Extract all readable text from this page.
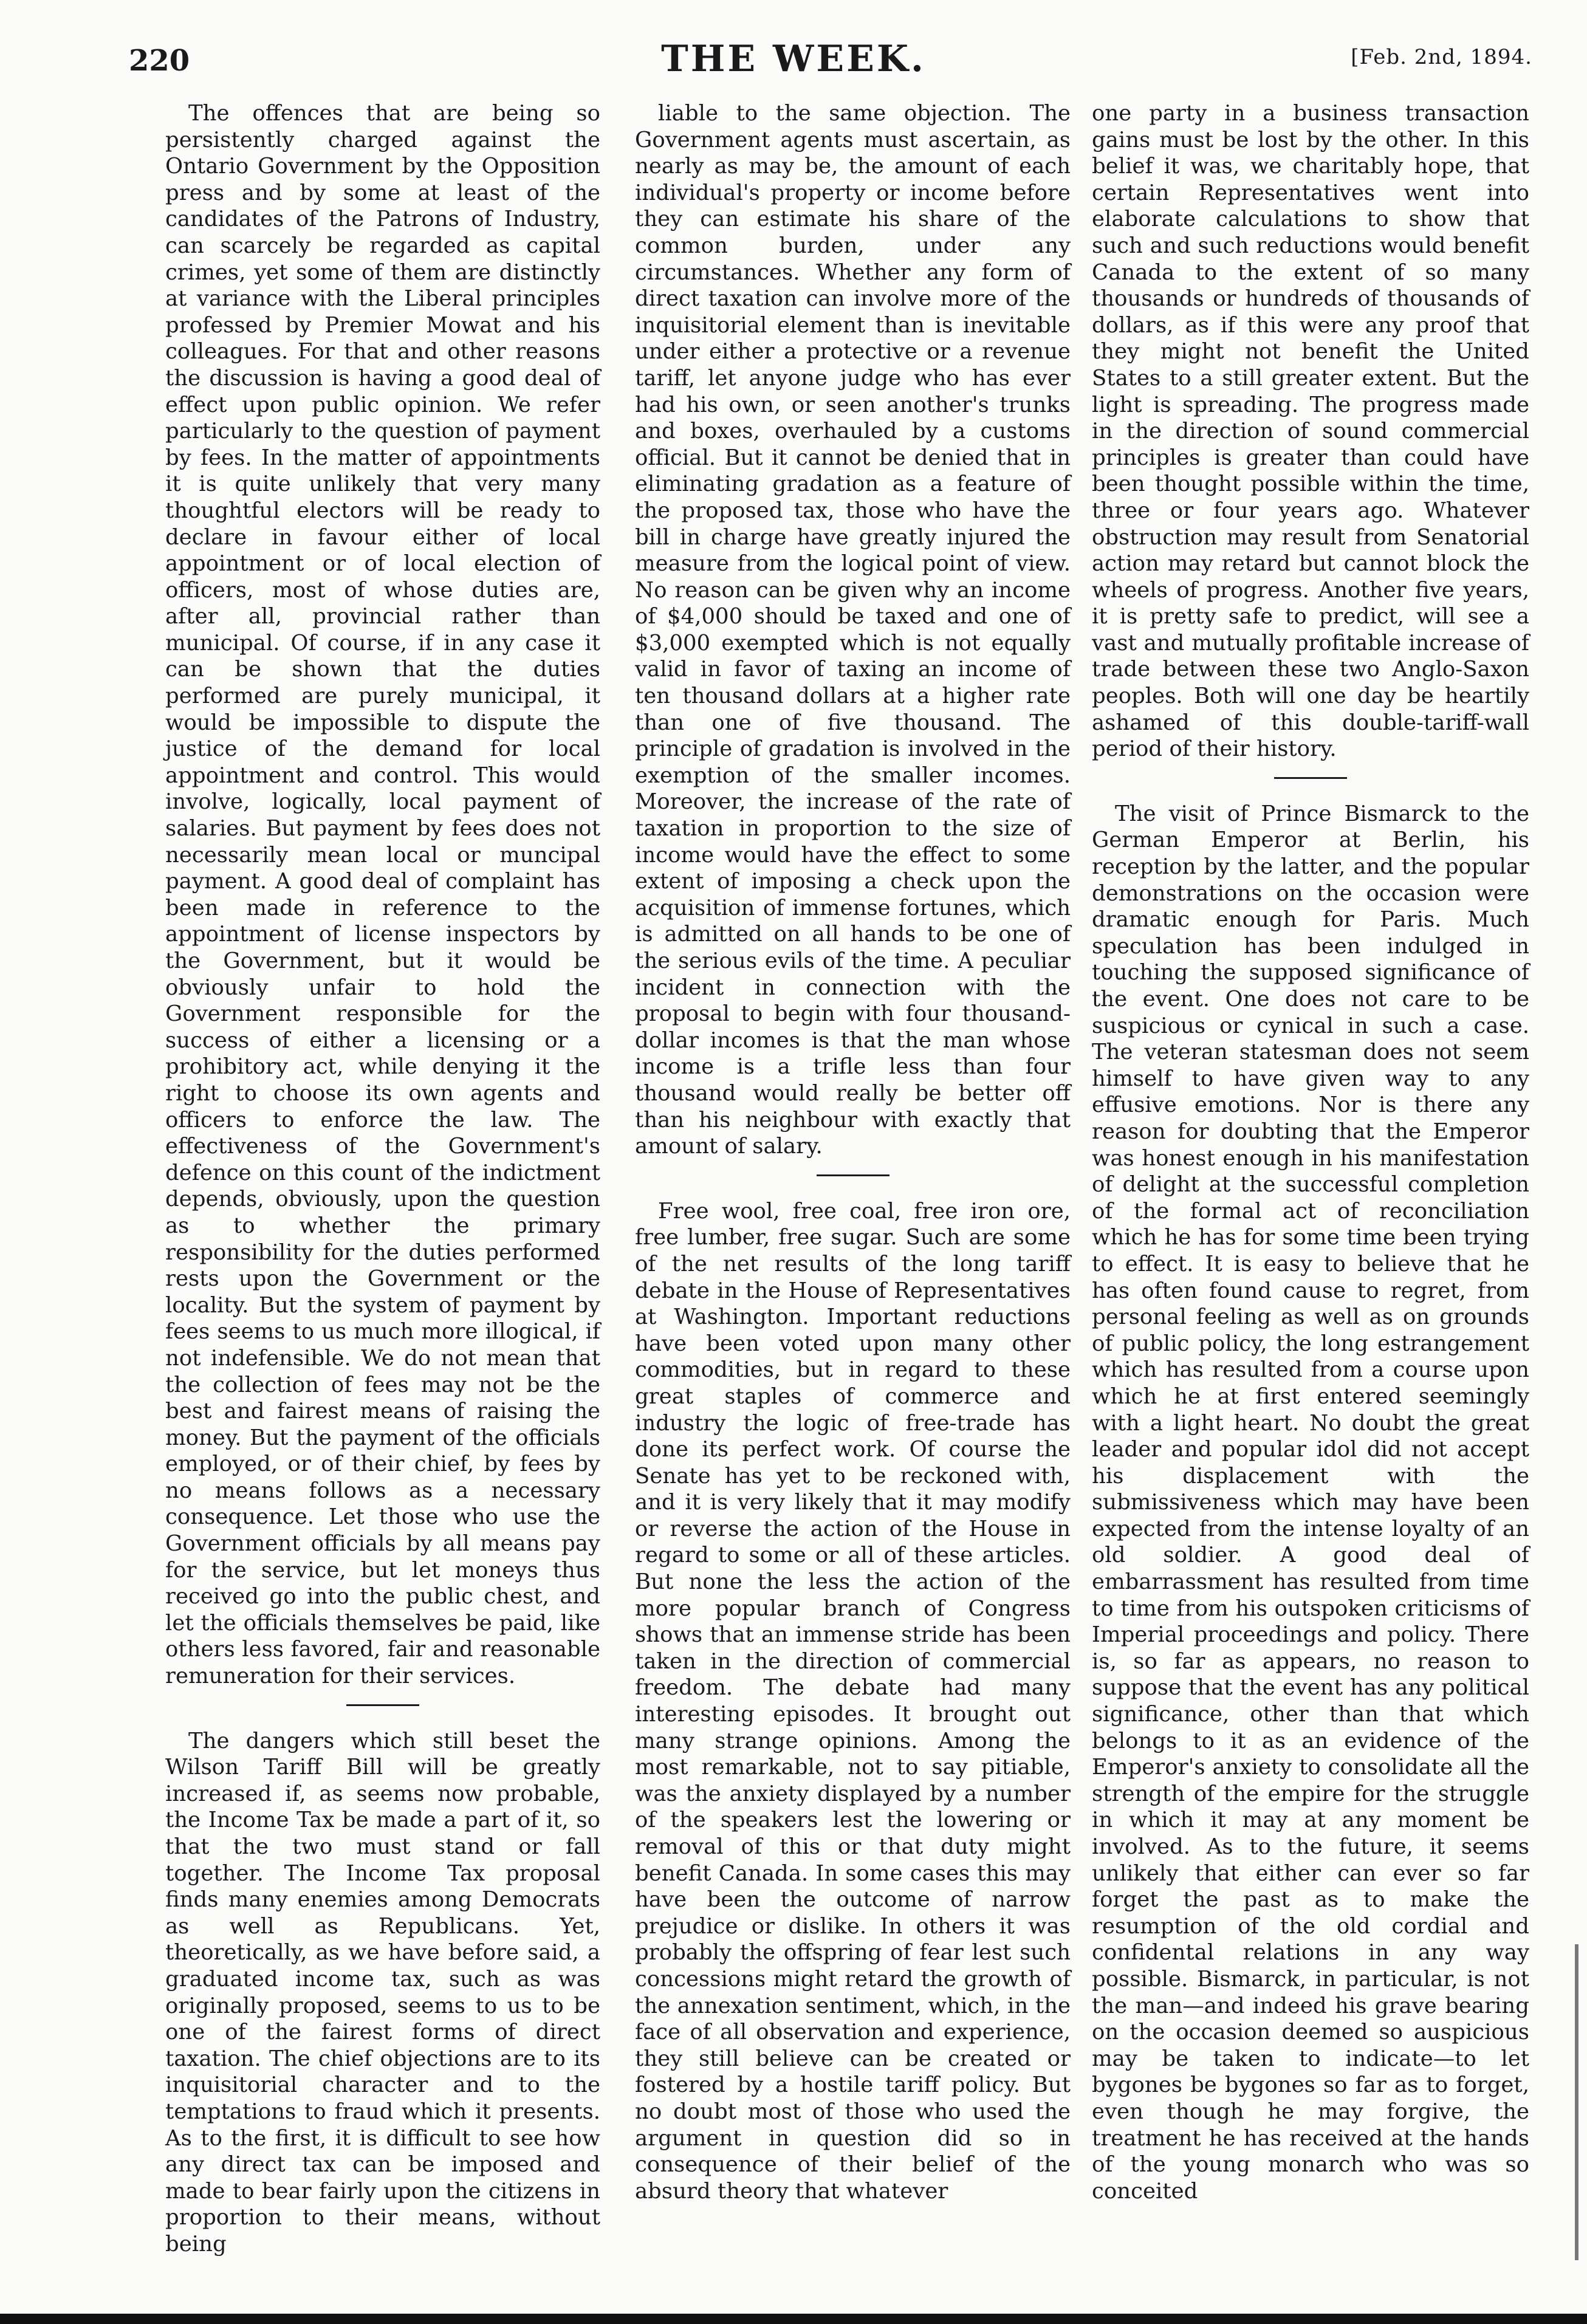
220	THE WEEK.	[Feb. 2nd, 1894.

The offences that are being so persistently charged against the Ontario Government by the Opposition press and by some at least of the candidates of the Patrons of Industry, can scarcely be regarded as capital crimes, yet some of them are distinctly at variance with the Liberal principles professed by Premier Mowat and his colleagues. For that and other reasons the discussion is having a good deal of effect upon public opinion. We refer particularly to the question of payment by fees. In the matter of appointments it is quite unlikely that very many thoughtful electors will be ready to declare in favour either of local appointment or of local election of officers, most of whose duties are, after all, provincial rather than municipal. Of course, if in any case it can be shown that the duties performed are purely municipal, it would be impossible to dispute the justice of the demand for local appointment and control. This would involve, logically, local payment of salaries. But payment by fees does not necessarily mean local or muncipal payment. A good deal of complaint has been made in reference to the appointment of license inspectors by the Government, but it would be obviously unfair to hold the Government responsible for the success of either a licensing or a prohibitory act, while denying it the right to choose its own agents and officers to enforce the law. The effectiveness of the Government's defence on this count of the indictment depends, obviously, upon the question as to whether the primary responsibility for the duties performed rests upon the Government or the locality. But the system of payment by fees seems to us much more illogical, if not indefensible. We do not mean that the collection of fees may not be the best and fairest means of raising the money. But the payment of the officials employed, or of their chief, by fees by no means follows as a necessary consequence. Let those who use the Government officials by all means pay for the service, but let moneys thus received go into the public chest, and let the officials themselves be paid, like others less favored, fair and reasonable remuneration for their services.

The dangers which still beset the Wilson Tariff Bill will be greatly increased if, as seems now probable, the Income Tax be made a part of it, so that the two must stand or fall together. The Income Tax proposal finds many enemies among Democrats as well as Republicans. Yet, theoretically, as we have before said, a graduated income tax, such as was originally proposed, seems to us to be one of the fairest forms of direct taxation. The chief objections are to its inquisitorial character and to the temptations to fraud which it presents. As to the first, it is difficult to see how any direct tax can be imposed and made to bear fairly upon the citizens in proportion to their means, without being

liable to the same objection. The Government agents must ascertain, as nearly as may be, the amount of each individual's property or income before they can estimate his share of the common burden, under any circumstances. Whether any form of direct taxation can involve more of the inquisitorial element than is inevitable under either a protective or a revenue tariff, let anyone judge who has ever had his own, or seen another's trunks and boxes, overhauled by a customs official. But it cannot be denied that in eliminating gradation as a feature of the proposed tax, those who have the bill in charge have greatly injured the measure from the logical point of view. No reason can be given why an income of $4,000 should be taxed and one of $3,000 exempted which is not equally valid in favor of taxing an income of ten thousand dollars at a higher rate than one of five thousand. The principle of gradation is involved in the exemption of the smaller incomes. Moreover, the increase of the rate of taxation in proportion to the size of income would have the effect to some extent of imposing a check upon the acquisition of immense fortunes, which is admitted on all hands to be one of the serious evils of the time. A peculiar incident in connection with the proposal to begin with four thousand-dollar incomes is that the man whose income is a trifle less than four thousand would really be better off than his neighbour with exactly that amount of salary.

Free wool, free coal, free iron ore, free lumber, free sugar. Such are some of the net results of the long tariff debate in the House of Representatives at Washington. Important reductions have been voted upon many other commodities, but in regard to these great staples of commerce and industry the logic of free-trade has done its perfect work. Of course the Senate has yet to be reckoned with, and it is very likely that it may modify or reverse the action of the House in regard to some or all of these articles. But none the less the action of the more popular branch of Congress shows that an immense stride has been taken in the direction of commercial freedom. The debate had many interesting episodes. It brought out many strange opinions. Among the most remarkable, not to say pitiable, was the anxiety displayed by a number of the speakers lest the lowering or removal of this or that duty might benefit Canada. In some cases this may have been the outcome of narrow prejudice or dislike. In others it was probably the offspring of fear lest such concessions might retard the growth of the annexation sentiment, which, in the face of all observation and experience, they still believe can be created or fostered by a hostile tariff policy. But no doubt most of those who used the argument in question did so in consequence of their belief of the absurd theory that whatever

one party in a business transaction gains must be lost by the other. In this belief it was, we charitably hope, that certain Representatives went into elaborate calculations to show that such and such reductions would benefit Canada to the extent of so many thousands or hundreds of thousands of dollars, as if this were any proof that they might not benefit the United States to a still greater extent. But the light is spreading. The progress made in the direction of sound commercial principles is greater than could have been thought possible within the time, three or four years ago. Whatever obstruction may result from Senatorial action may retard but cannot block the wheels of progress. Another five years, it is pretty safe to predict, will see a vast and mutually profitable increase of trade between these two Anglo-Saxon peoples. Both will one day be heartily ashamed of this double-tariff-wall period of their history.

The visit of Prince Bismarck to the German Emperor at Berlin, his reception by the latter, and the popular demonstrations on the occasion were dramatic enough for Paris. Much speculation has been indulged in touching the supposed significance of the event. One does not care to be suspicious or cynical in such a case. The veteran statesman does not seem himself to have given way to any effusive emotions. Nor is there any reason for doubting that the Emperor was honest enough in his manifestation of delight at the successful completion of the formal act of reconciliation which he has for some time been trying to effect. It is easy to believe that he has often found cause to regret, from personal feeling as well as on grounds of public policy, the long estrangement which has resulted from a course upon which he at first entered seemingly with a light heart. No doubt the great leader and popular idol did not accept his displacement with the submissiveness which may have been expected from the intense loyalty of an old soldier. A good deal of embarrassment has resulted from time to time from his outspoken criticisms of Imperial proceedings and policy. There is, so far as appears, no reason to suppose that the event has any political significance, other than that which belongs to it as an evidence of the Emperor's anxiety to consolidate all the strength of the empire for the struggle in which it may at any moment be involved. As to the future, it seems unlikely that either can ever so far forget the past as to make the resumption of the old cordial and confidental relations in any way possible. Bismarck, in particular, is not the man—and indeed his grave bearing on the occasion deemed so auspicious may be taken to indicate—to let bygones be bygones so far as to forget, even though he may forgive, the treatment he has received at the hands of the young monarch who was so conceited
